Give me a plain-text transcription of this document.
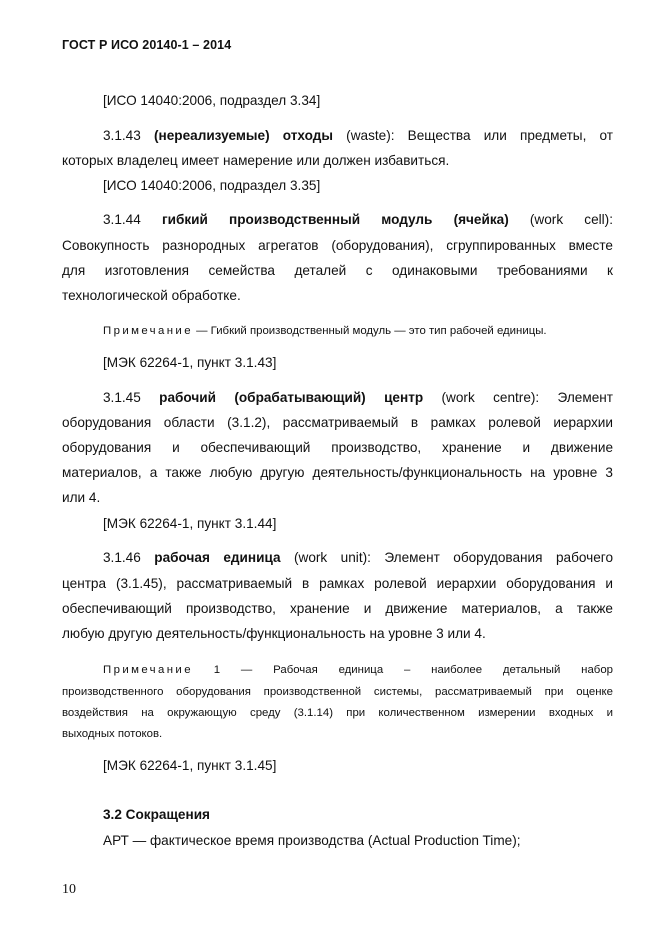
ГОСТ Р ИСО 20140-1 – 2014
[ИСО 14040:2006, подраздел 3.34]
3.1.43 (нереализуемые) отходы (waste): Вещества или предметы, от
которых владелец имеет намерение или должен избавиться.
[ИСО 14040:2006, подраздел 3.35]
3.1.44 гибкий производственный модуль (ячейка) (work cell):
Совокупность разнородных агрегатов (оборудования), сгруппированных вместе
для изготовления семейства деталей с одинаковыми требованиями к
технологической обработке.
Примечание — Гибкий производственный модуль — это тип рабочей единицы.
[МЭК 62264-1, пункт 3.1.43]
3.1.45 рабочий (обрабатывающий) центр (work centre): Элемент
оборудования области (3.1.2), рассматриваемый в рамках ролевой иерархии
оборудования и обеспечивающий производство, хранение и движение
материалов, а также любую другую деятельность/функциональность на уровне 3
или 4.
[МЭК 62264-1, пункт 3.1.44]
3.1.46 рабочая единица (work unit): Элемент оборудования рабочего
центра (3.1.45), рассматриваемый в рамках ролевой иерархии оборудования и
обеспечивающий производство, хранение и движение материалов, а также
любую другую деятельность/функциональность на уровне 3 или 4.
Примечание 1 — Рабочая единица – наиболее детальный набор
производственного оборудования производственной системы, рассматриваемый при оценке
воздействия на окружающую среду (3.1.14) при количественном измерении входных и
выходных потоков.
[МЭК 62264-1, пункт 3.1.45]
3.2 Сокращения
АРТ — фактическое время производства (Actual Production Time);
10
